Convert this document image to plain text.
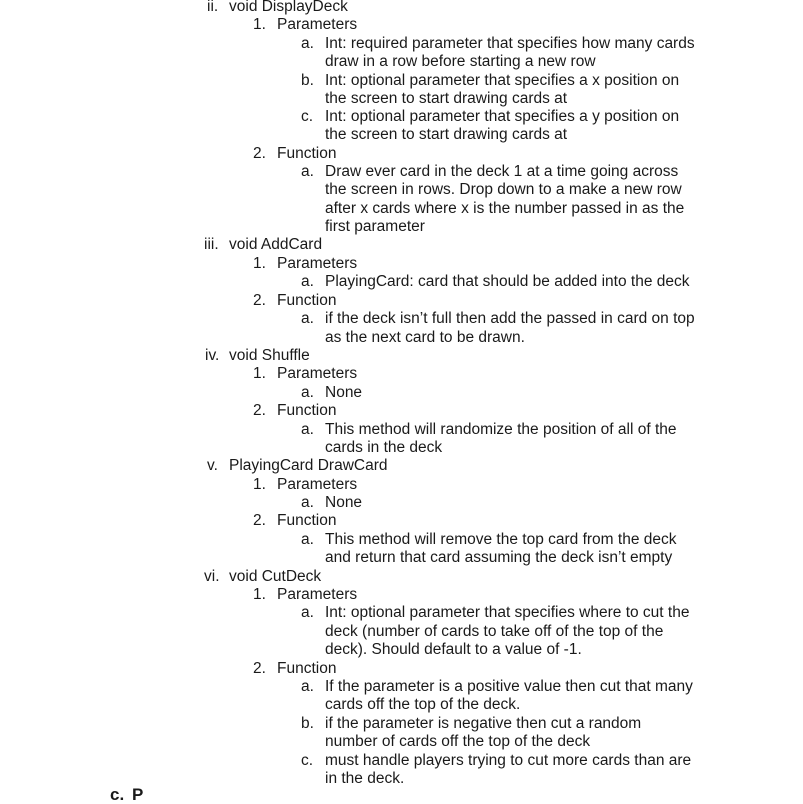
ii. void DisplayDeck
1. Parameters
a. Int: required parameter that specifies how many cards
draw in a row before starting a new row
b. Int: optional parameter that specifies a x position on
the screen to start drawing cards at
c. Int: optional parameter that specifies a y position on
the screen to start drawing cards at
2. Function
a. Draw ever card in the deck 1 at a time going across
the screen in rows. Drop down to a make a new row
after x cards where x is the number passed in as the
first parameter
iii. void AddCard
1. Parameters
a. PlayingCard: card that should be added into the deck
2. Function
a. if the deck isn’t full then add the passed in card on top
as the next card to be drawn.
iv. void Shuffle
1. Parameters
a. None
2. Function
a. This method will randomize the position of all of the
cards in the deck
v. PlayingCard DrawCard
1. Parameters
a. None
2. Function
a. This method will remove the top card from the deck
and return that card assuming the deck isn’t empty
vi. void CutDeck
1. Parameters
a. Int: optional parameter that specifies where to cut the
deck (number of cards to take off of the top of the
deck). Should default to a value of -1.
2. Function
a. If the parameter is a positive value then cut that many
cards off the top of the deck.
b. if the parameter is negative then cut a random
number of cards off the top of the deck
c. must handle players trying to cut more cards than are
in the deck.
c. P
